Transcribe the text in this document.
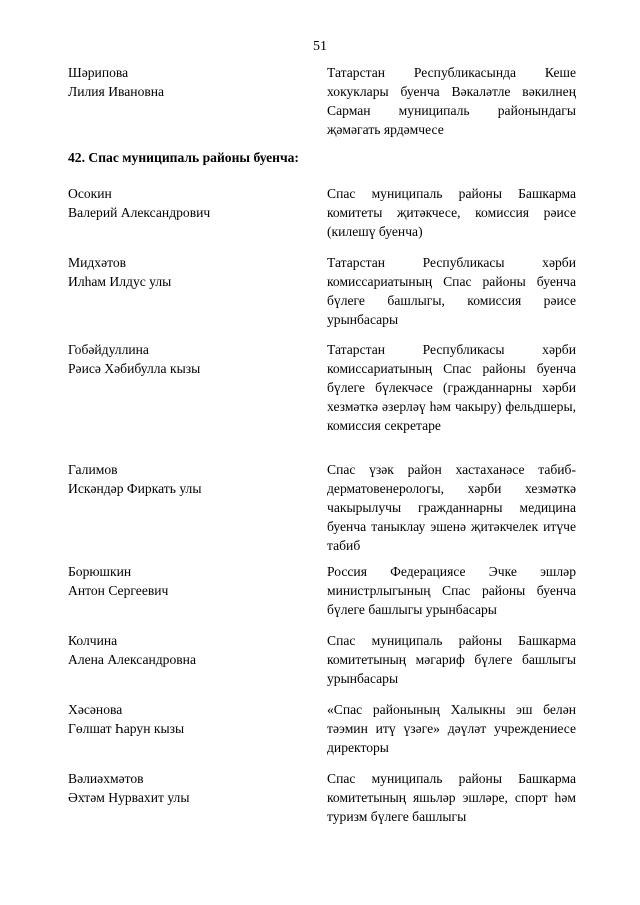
51
Шәрипова
Лилия Ивановна
Татарстан Республикасында Кеше хокуклары буенча Вәкаләтле вәкилнең Сарман муниципаль районындагы җәмәгать ярдәмчесе
42. Спас муниципаль районы буенча:
Осокин
Валерий Александрович
Спас муниципаль районы Башкарма комитеты җитәкчесе, комиссия рәисе (килешү буенча)
Мидхәтов
Илһам Илдус улы
Татарстан Республикасы хәрби комиссариатының Спас районы буенча бүлеге башлыгы, комиссия рәисе урынбасары
Гобәйдуллина
Рәисә Хәбибулла кызы
Татарстан Республикасы хәрби комиссариатының Спас районы буенча бүлеге бүлекчәсе (гражданнарны хәрби хезмәткә әзерләү һәм чакыру) фельдшеры, комиссия секретаре
Галимов
Искәндәр Фиркать улы
Спас үзәк район хастаханәсе табиб-дерматовенерологы, хәрби хезмәткә чакырылучы гражданнарны медицина буенча таныклау эшенә җитәкчелек итүче табиб
Борюшкин
Антон Сергеевич
Россия Федерациясе Эчке эшләр министрлыгының Спас районы буенча бүлеге башлыгы урынбасары
Колчина
Алена Александровна
Спас муниципаль районы Башкарма комитетының мәгариф бүлеге башлыгы урынбасары
Хәсәнова
Гөлшат Һарун кызы
«Спас районының Халыкны эш белән тәэмин итү үзәге» дәүләт учреждениесе директоры
Вәлиәхмәтов
Әхтәм Нурвахит улы
Спас муниципаль районы Башкарма комитетының яшьләр эшләре, спорт һәм туризм бүлеге башлыгы
